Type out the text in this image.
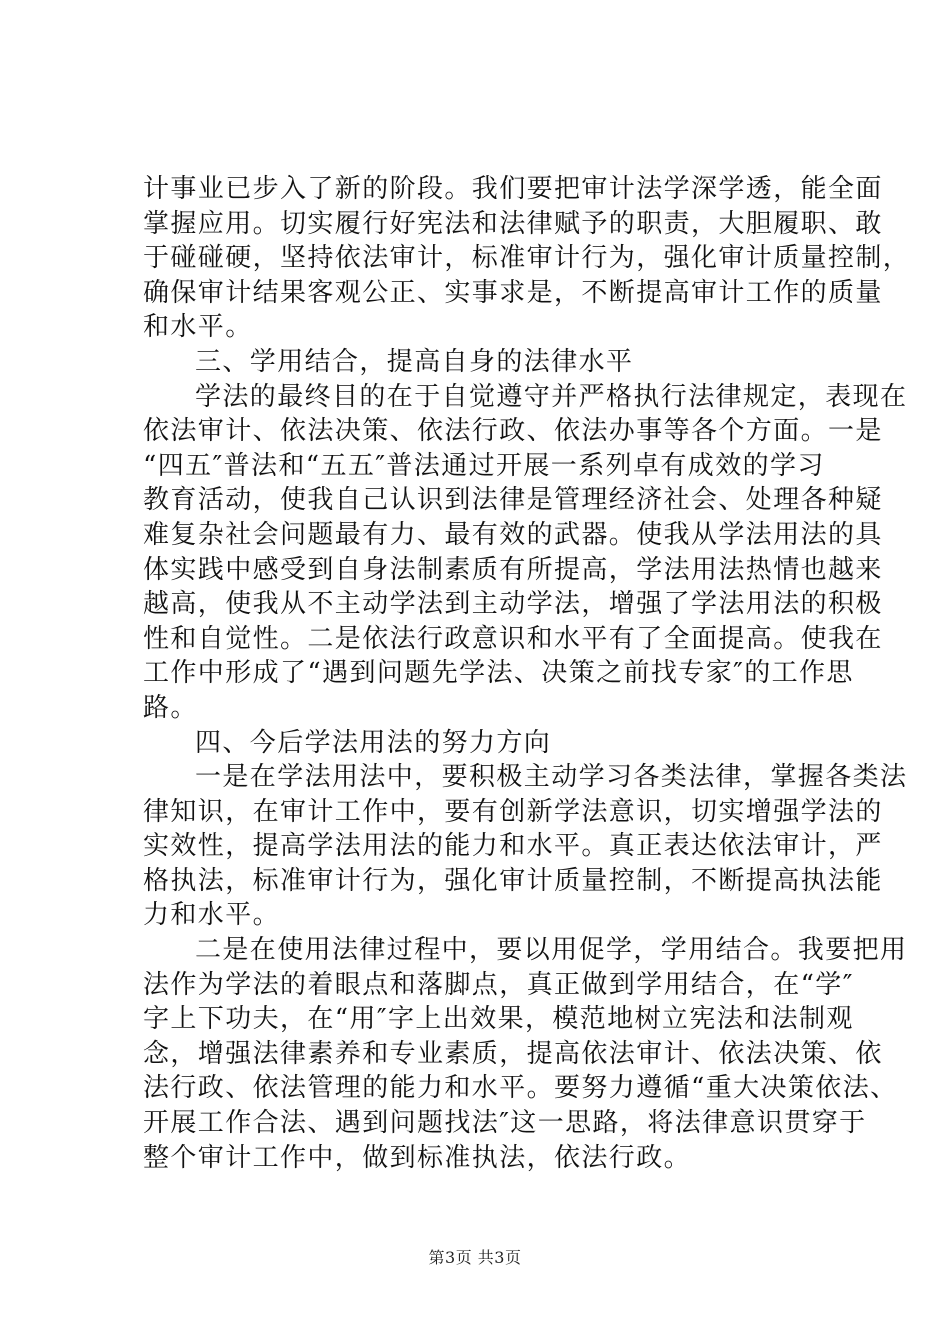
计事业已步入了新的阶段。我们要把审计法学深学透，能全面
掌握应用。切实履行好宪法和法律赋予的职责，大胆履职、敢
于碰碰硬，坚持依法审计，标准审计行为，强化审计质量控制，
确保审计结果客观公正、实事求是，不断提高审计工作的质量
和水平。

三、学用结合，提高自身的法律水平

学法的最终目的在于自觉遵守并严格执行法律规定，表现在

依法审计、依法决策、依法行政、依法办事等各个方面。一是
“四五″普法和“五五″普法通过开展一系列卓有成效的学习
教育活动，使我自己认识到法律是管理经济社会、处理各种疑
难复杂社会问题最有力、最有效的武器。使我从学法用法的具
体实践中感受到自身法制素质有所提高，学法用法热情也越来
越高，使我从不主动学法到主动学法，增强了学法用法的积极
性和自觉性。二是依法行政意识和水平有了全面提高。使我在
工作中形成了“遇到问题先学法、决策之前找专家″的工作思
路。

四、今后学法用法的努力方向

一是在学法用法中，要积极主动学习各类法律，掌握各类法

律知识，在审计工作中，要有创新学法意识，切实增强学法的
实效性，提高学法用法的能力和水平。真正表达依法审计，严
格执法，标准审计行为，强化审计质量控制，不断提高执法能
力和水平。

二是在使用法律过程中，要以用促学，学用结合。我要把用

法作为学法的着眼点和落脚点，真正做到学用结合，在“学″
字上下功夫，在“用″字上出效果，模范地树立宪法和法制观
念，增强法律素养和专业素质，提高依法审计、依法决策、依
法行政、依法管理的能力和水平。要努力遵循“重大决策依法、
开展工作合法、遇到问题找法″这一思路，将法律意识贯穿于
整个审计工作中，做到标准执法，依法行政。

第3页 共3页
